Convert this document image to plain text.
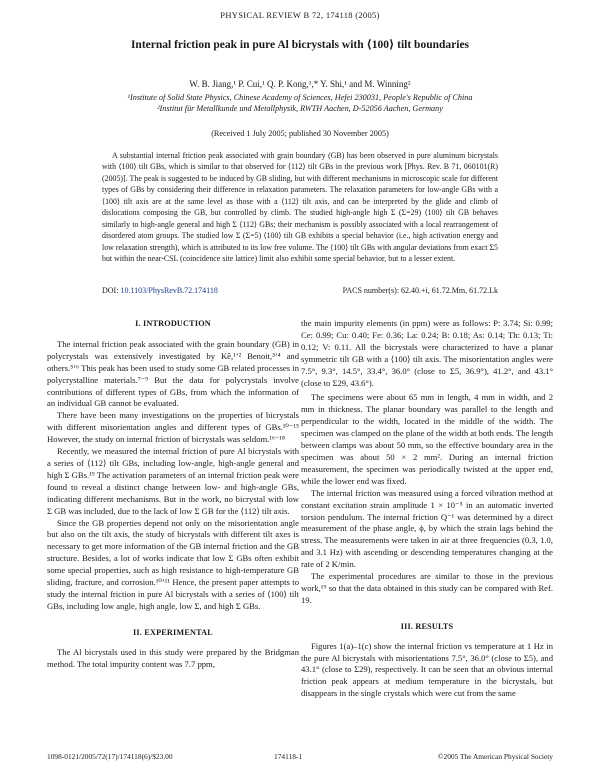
PHYSICAL REVIEW B 72, 174118 (2005)
Internal friction peak in pure Al bicrystals with ⟨100⟩ tilt boundaries
W. B. Jiang,¹ P. Cui,¹ Q. P. Kong,¹,* Y. Shi,¹ and M. Winning²
¹Institute of Solid State Physics, Chinese Academy of Sciences, Hefei 230031, People's Republic of China
²Institut für Metallkunde und Metallphysik, RWTH Aachen, D-52056 Aachen, Germany
(Received 1 July 2005; published 30 November 2005)
A substantial internal friction peak associated with grain boundary (GB) has been observed in pure aluminum bicrystals with ⟨100⟩ tilt GBs, which is similar to that observed for ⟨112⟩ tilt GBs in the previous work [Phys. Rev. B 71, 060101(R) (2005)]. The peak is suggested to be induced by GB sliding, but with different mechanisms in microscopic scale for different types of GBs by considering their difference in relaxation parameters. The relaxation parameters for low-angle GBs with a ⟨100⟩ tilt axis are at the same level as those with a ⟨112⟩ tilt axis, and can be interpreted by the glide and climb of dislocations composing the GB, but controlled by climb. The studied high-angle high Σ (Σ=29) ⟨100⟩ tilt GB behaves similarly to high-angle general and high Σ ⟨112⟩ GBs; their mechanism is possibly associated with a local rearrangement of disordered atom groups. The studied low Σ (Σ=5) ⟨100⟩ tilt GB exhibits a special behavior (i.e., high activation energy and low relaxation strength), which is attributed to its low free volume. The ⟨100⟩ tilt GBs with angular deviations from exact Σ5 but within the near-CSL (coincidence site lattice) limit also exhibit some special behavior, but to a lesser extent.
DOI: 10.1103/PhysRevB.72.174118	PACS number(s): 62.40.+i, 61.72.Mm, 61.72.Lk
I. INTRODUCTION

The internal friction peak associated with the grain boundary (GB) in polycrystals was extensively investigated by Kê,¹ʼ² Benoit,³ʼ⁴ and others.⁵ʼ⁶ This peak has been used to study some GB related processes in polycrystalline materials.⁷⁻⁹ But the data for polycrystals involve contributions of different types of GBs, from which the information of an individual GB cannot be evaluated.

There have been many investigations on the properties of bicrystals with different misorientation angles and different types of GBs.¹⁰⁻¹⁵ However, the study on internal friction of bicrystals was seldom.¹⁶⁻¹⁸

Recently, we measured the internal friction of pure Al bicrystals with a series of ⟨112⟩ tilt GBs, including low-angle, high-angle general and high Σ GBs.¹⁹ The activation parameters of an internal friction peak were found to reveal a distinct change between low- and high-angle GBs, indicating different mechanisms. But in the work, no bicrystal with low Σ GB was included, due to the lack of low Σ GB for the ⟨112⟩ tilt axis.

Since the GB properties depend not only on the misorientation angle but also on the tilt axis, the study of bicrystals with different tilt axes is necessary to get more information of the GB internal friction and the GB structure. Besides, a lot of works indicate that low Σ GBs often exhibit some special properties, such as high resistance to high-temperature GB sliding, fracture, and corrosion.¹⁰ʼ¹¹ Hence, the present paper attempts to study the internal friction in pure Al bicrystals with a series of ⟨100⟩ tilt GBs, including low angle, high angle, low Σ, and high Σ GBs.

II. EXPERIMENTAL

The Al bicrystals used in this study were prepared by the Bridgman method. The total impurity content was 7.7 ppm,

the main impurity elements (in ppm) were as follows: P: 3.74; Si: 0.99; Ce: 0.99; Cu: 0.40; Fe: 0.36; La: 0.24; B: 0.18; As: 0.14; Th: 0.13; Ti: 0.12; V: 0.11. All the bicrystals were characterized to have a planar symmetric tilt GB with a ⟨100⟩ tilt axis. The misorientation angles were 7.5°, 9.3°, 14.5°, 33.4°, 36.0° (close to Σ5, 36.9°), 41.2°, and 43.1° (close to Σ29, 43.6°).

The specimens were about 65 mm in length, 4 mm in width, and 2 mm in thickness. The planar boundary was parallel to the length and perpendicular to the width, located in the middle of the width. The specimen was clamped on the plane of the width at both ends. The length between clamps was about 50 mm, so the effective boundary area in the specimen was about 50 × 2 mm². During an internal friction measurement, the specimen was periodically twisted at the upper end, while the lower end was fixed.

The internal friction was measured using a forced vibration method at constant excitation strain amplitude 1 × 10⁻⁵ in an automatic inverted torsion pendulum. The internal friction Q⁻¹ was determined by a direct measurement of the phase angle, ϕ, by which the strain lags behind the stress. The measurements were taken in air at three frequencies (0.3, 1.0, and 3.1 Hz) with ascending or descending temperatures changing at the rate of 2 K/min.

The experimental procedures are similar to those in the previous work,¹⁹ so that the data obtained in this study can be compared with Ref. 19.

III. RESULTS

Figures 1(a)–1(c) show the internal friction vs temperature at 1 Hz in the pure Al bicrystals with misorientations 7.5°, 36.0° (close to Σ5), and 43.1° (close to Σ29), respectively. It can be seen that an obvious internal friction peak appears at medium temperature in the bicrystals, but disappears in the single crystals which were cut from the same

1098-0121/2005/72(17)/174118(6)/$23.00	174118-1	©2005 The American Physical Society
